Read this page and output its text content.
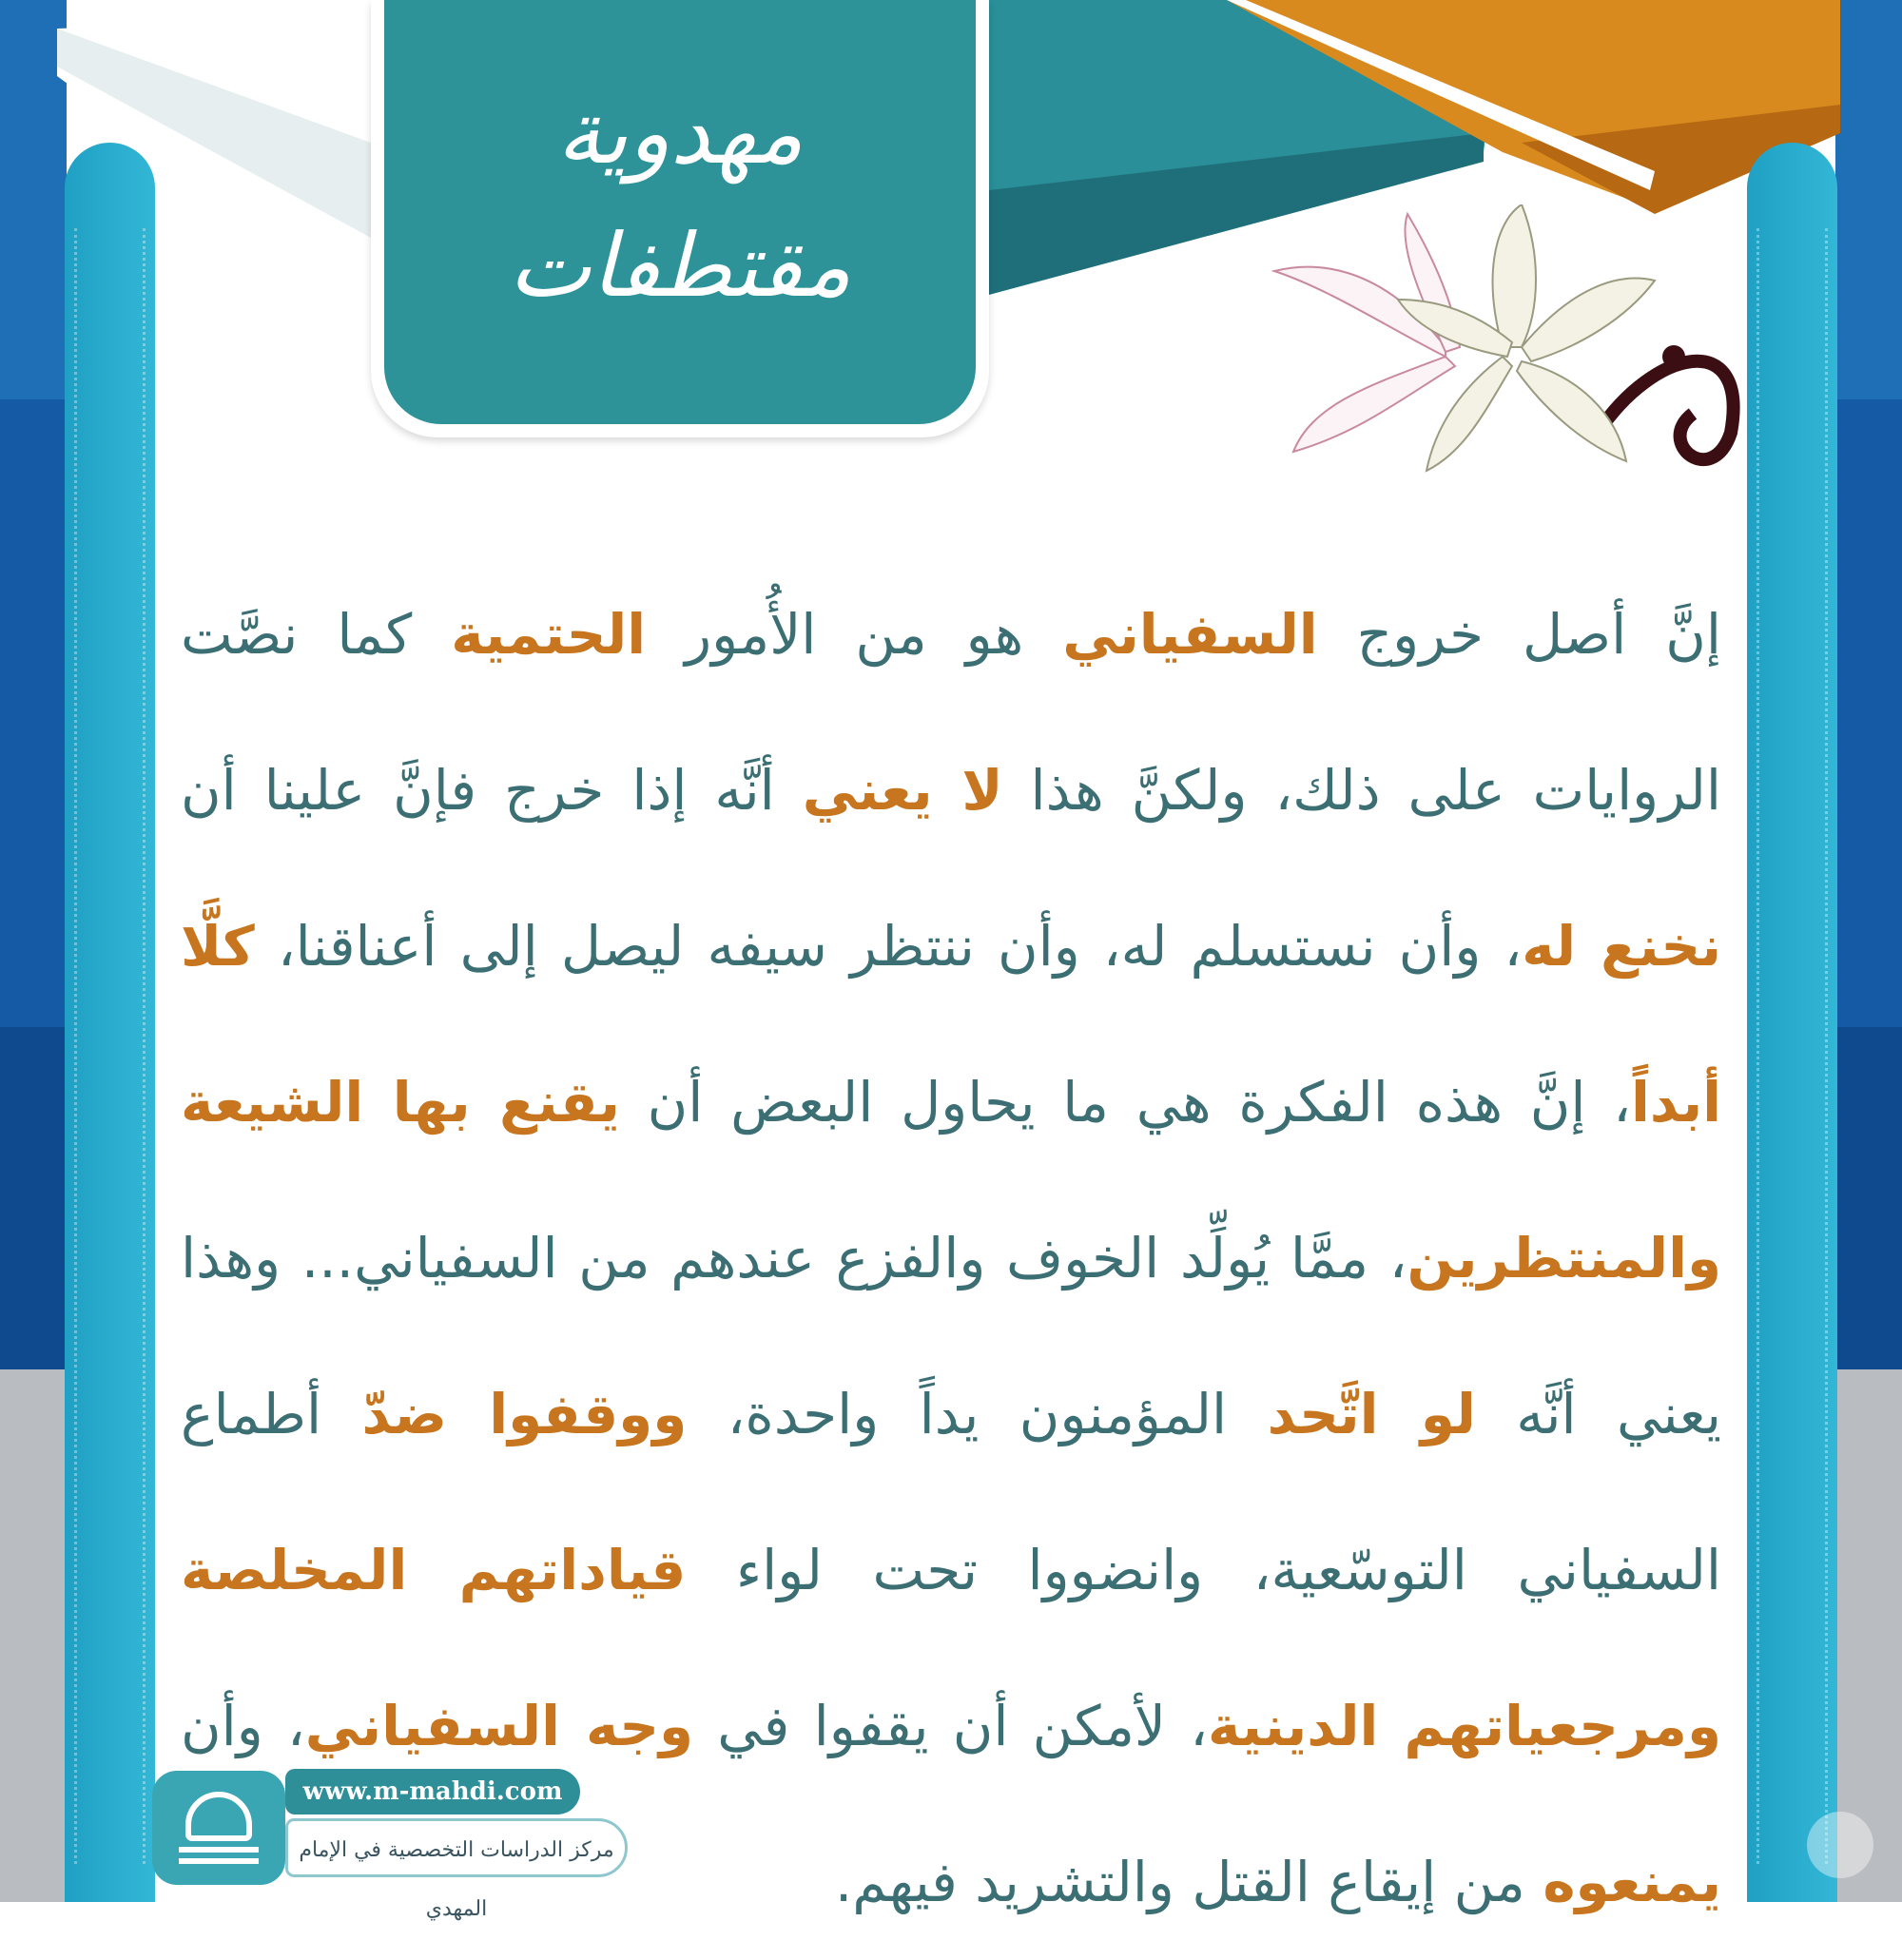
مهدوية
مقتطفات

إنَّ أصل خروج السفياني هو من الأُمور الحتمية كما نصَّت الروايات على ذلك، ولكنَّ هذا لا يعني أنَّه إذا خرج فإنَّ علينا أن نخنع له، وأن نستسلم له، وأن ننتظر سيفه ليصل إلى أعناقنا، كلَّا أبداً، إنَّ هذه الفكرة هي ما يحاول البعض أن يقنع بها الشيعة والمنتظرين، ممَّا يُولِّد الخوف والفزع عندهم من السفياني... وهذا يعني أنَّه لو اتَّحد المؤمنون يداً واحدة، ووقفوا ضدّ أطماع السفياني التوسّعية، وانضووا تحت لواء قياداتهم المخلصة ومرجعياتهم الدينية، لأمكن أن يقفوا في وجه السفياني، وأن يمنعوه من إيقاع القتل والتشريد فيهم.

www.m-mahdi.com
مركز الدراسات التخصصية في الإمام المهدي
